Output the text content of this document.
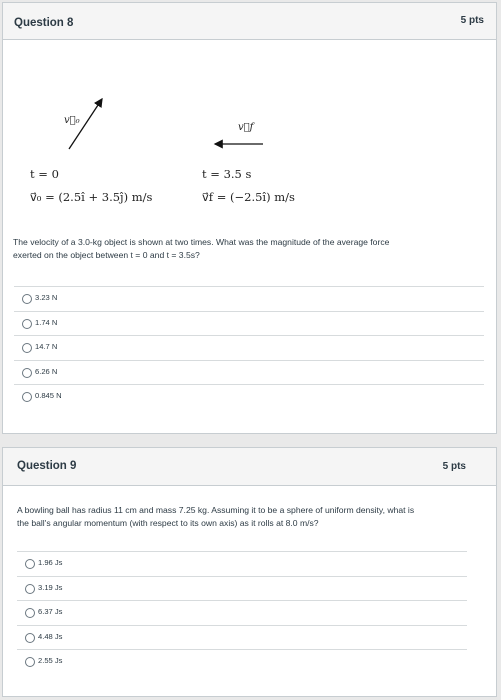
Question 8	5 pts
v⃗₀
v⃗f
t = 0	t = 3.5 s
v⃗₀ = (2.5î + 3.5ĵ) m/s	v⃗f = (−2.5î) m/s
The velocity of a 3.0-kg object is shown at two times. What was the magnitude of the average force
exerted on the object between t = 0 and t = 3.5s?
3.23 N
1.74 N
14.7 N
6.26 N
0.845 N
Question 9	5 pts
A bowling ball has radius 11 cm and mass 7.25 kg. Assuming it to be a sphere of uniform density, what is
the ball's angular momentum (with respect to its own axis) as it rolls at 8.0 m/s?
1.96 Js
3.19 Js
6.37 Js
4.48 Js
2.55 Js
